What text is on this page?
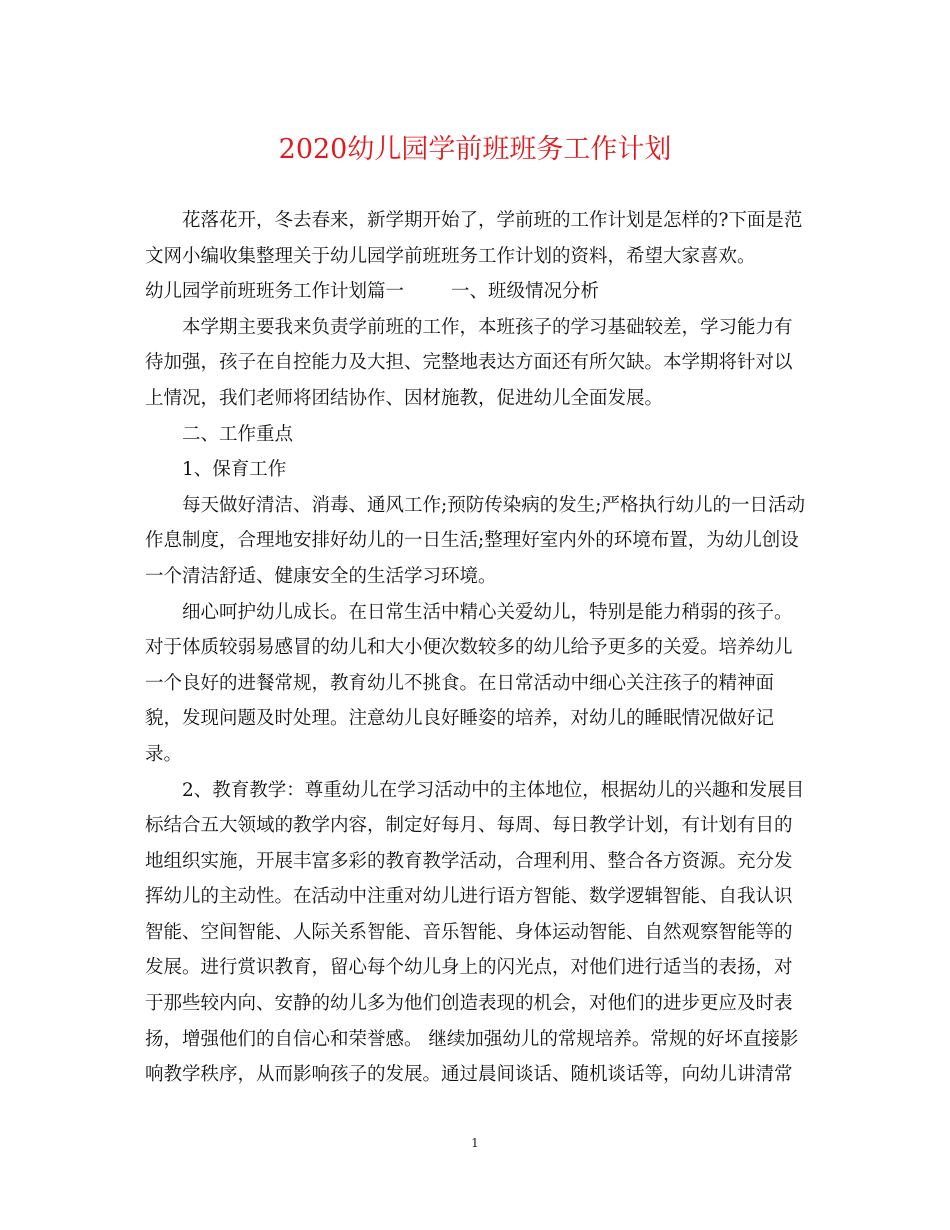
2020幼儿园学前班班务工作计划

花落花开，冬去春来，新学期开始了，学前班的工作计划是怎样的?下面是范文网小编收集整理关于幼儿园学前班班务工作计划的资料，希望大家喜欢。

幼儿园学前班班务工作计划篇一        一、班级情况分析

本学期主要我来负责学前班的工作，本班孩子的学习基础较差，学习能力有待加强，孩子在自控能力及大担、完整地表达方面还有所欠缺。本学期将针对以上情况，我们老师将团结协作、因材施教，促进幼儿全面发展。

二、工作重点

1、保育工作

每天做好清洁、消毒、通风工作;预防传染病的发生;严格执行幼儿的一日活动作息制度，合理地安排好幼儿的一日生活;整理好室内外的环境布置，为幼儿创设一个清洁舒适、健康安全的生活学习环境。

细心呵护幼儿成长。在日常生活中精心关爱幼儿，特别是能力稍弱的孩子。对于体质较弱易感冒的幼儿和大小便次数较多的幼儿给予更多的关爱。培养幼儿一个良好的进餐常规，教育幼儿不挑食。在日常活动中细心关注孩子的精神面貌，发现问题及时处理。注意幼儿良好睡姿的培养，对幼儿的睡眠情况做好记录。

2、教育教学：尊重幼儿在学习活动中的主体地位，根据幼儿的兴趣和发展目标结合五大领域的教学内容，制定好每月、每周、每日教学计划，有计划有目的地组织实施，开展丰富多彩的教育教学活动，合理利用、整合各方资源。充分发挥幼儿的主动性。在活动中注重对幼儿进行语方智能、数学逻辑智能、自我认识智能、空间智能、人际关系智能、音乐智能、身体运动智能、自然观察智能等的发展。进行赏识教育，留心每个幼儿身上的闪光点，对他们进行适当的表扬，对于那些较内向、安静的幼儿多为他们创造表现的机会，对他们的进步更应及时表扬，增强他们的自信心和荣誉感。 继续加强幼儿的常规培养。常规的好坏直接影响教学秩序，从而影响孩子的发展。通过晨间谈话、随机谈话等，向幼儿讲清常

1
